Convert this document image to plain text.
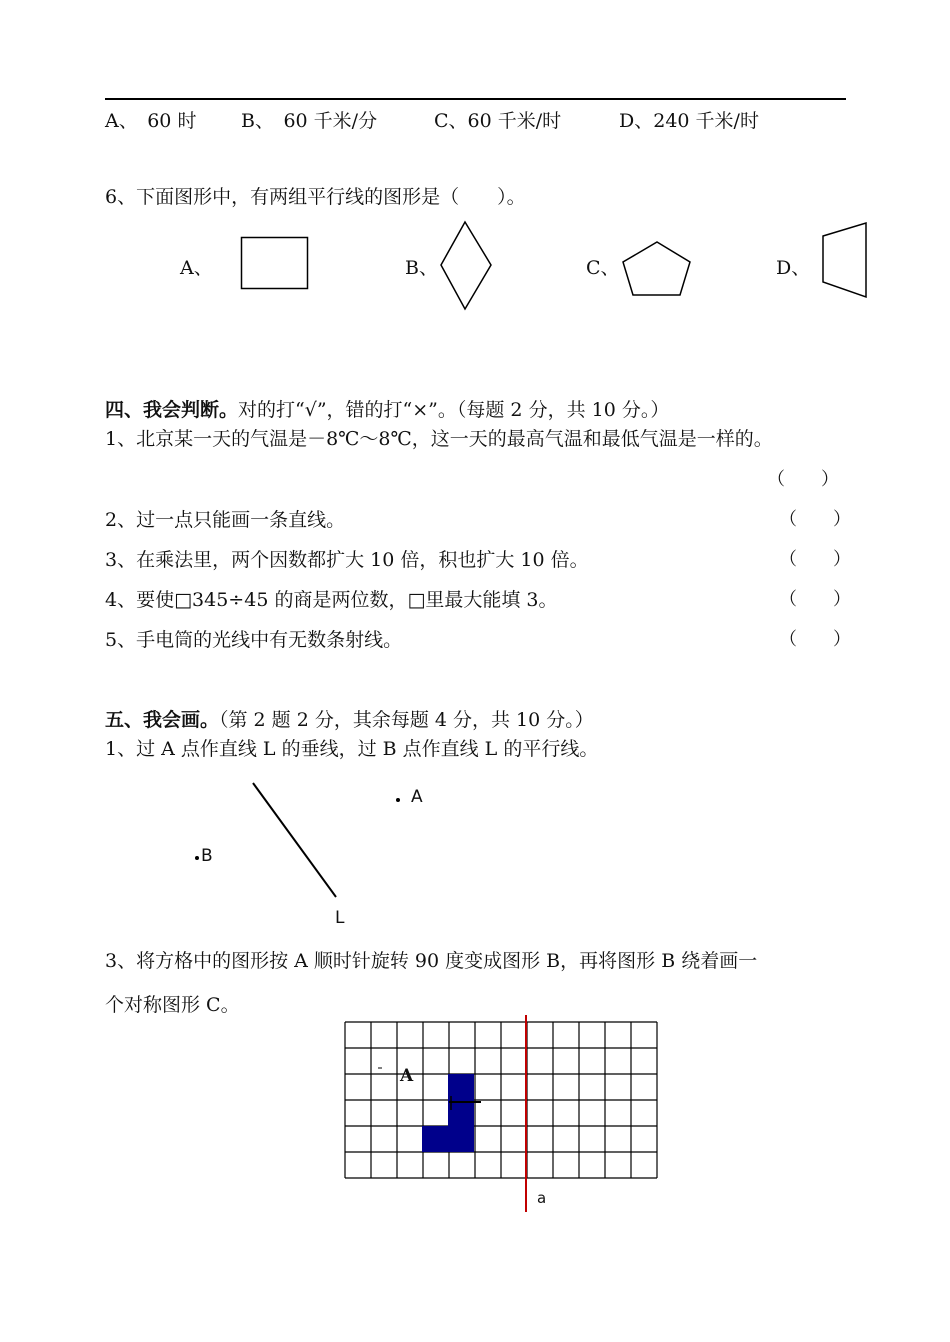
A、　60 时 B、　60 千米/分	C、60 千米/时	D、240 千米/时
6、下面图形中，有两组平行线的图形是（　　）。
A、	B、	C、	D、
四、我会判断。对的打“√”，错的打“×”。（每题 2 分，共 10 分。）
1、北京某一天的气温是－8℃～8℃，这一天的最高气温和最低气温是一样的。
（　　）
2、过一点只能画一条直线。	（　　）
3、在乘法里，两个因数都扩大 10 倍，积也扩大 10 倍。	（　　）
4、要使□345÷45 的商是两位数，□里最大能填 3。	（　　）
5、手电筒的光线中有无数条射线。	（　　）
五、我会画。（第 2 题 2 分，其余每题 4 分，共 10 分。）
1、过 A 点作直线 L 的垂线，过 B 点作直线 L 的平行线。
A
B
L
3、将方格中的图形按 A 顺时针旋转 90 度变成图形 B，再将图形 B 绕着画一
个对称图形 C。
A
a
